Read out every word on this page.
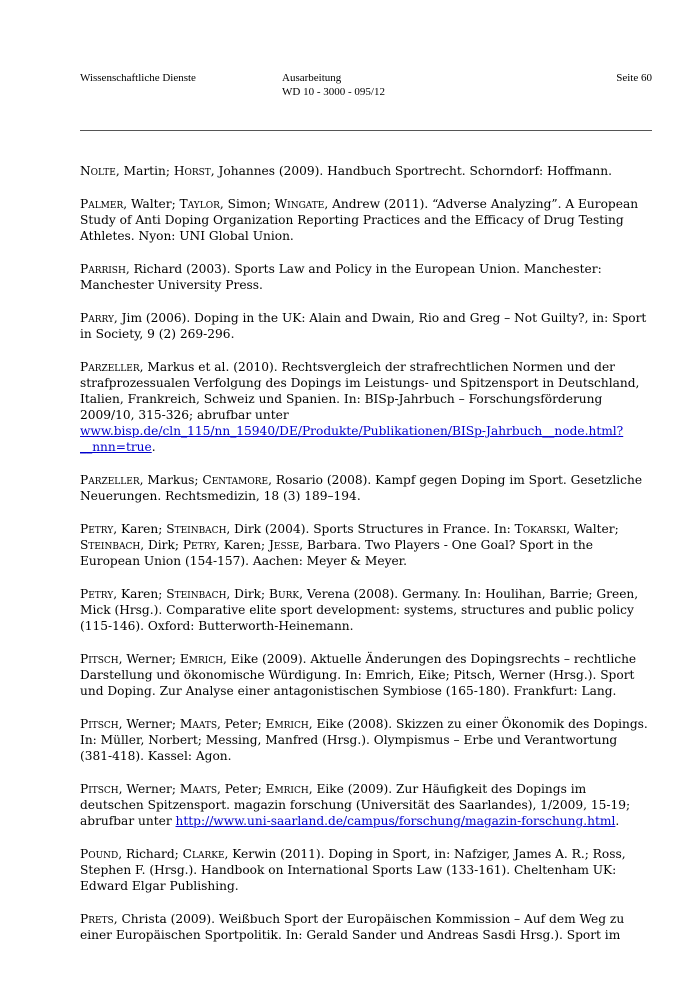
Wissenschaftliche Dienste	Ausarbeitung
WD 10 - 3000 - 095/12
Seite 60

Nolte, Martin; Horst, Johannes (2009). Handbuch Sportrecht. Schorndorf: Hoffmann.

Palmer, Walter; Taylor, Simon; Wingate, Andrew (2011). “Adverse Analyzing”. A European Study of Anti Doping Organization Reporting Practices and the Efficacy of Drug Testing Athletes. Nyon: UNI Global Union.

Parrish, Richard (2003). Sports Law and Policy in the European Union. Manchester: Manchester University Press.

Parry, Jim (2006). Doping in the UK: Alain and Dwain, Rio and Greg – Not Guilty?, in: Sport in Society, 9 (2) 269-296.

Parzeller, Markus et al. (2010). Rechtsvergleich der strafrechtlichen Normen und der strafprozessualen Verfolgung des Dopings im Leistungs- und Spitzensport in Deutschland, Italien, Frankreich, Schweiz und Spanien. In: BISp-Jahrbuch – Forschungsförderung 2009/10, 315-326; abrufbar unter www.bisp.de/cln_115/nn_15940/DE/Produkte/Publikationen/BISp-Jahrbuch__node.html?__nnn=true.

Parzeller, Markus; Centamore, Rosario (2008). Kampf gegen Doping im Sport. Gesetzliche Neuerungen. Rechtsmedizin, 18 (3) 189–194.

Petry, Karen; Steinbach, Dirk (2004). Sports Structures in France. In: Tokarski, Walter; Steinbach, Dirk; Petry, Karen; Jesse, Barbara. Two Players - One Goal? Sport in the European Union (154-157). Aachen: Meyer & Meyer.

Petry, Karen; Steinbach, Dirk; Burk, Verena (2008). Germany. In: Houlihan, Barrie; Green, Mick (Hrsg.). Comparative elite sport development: systems, structures and public policy (115-146). Oxford: Butterworth-Heinemann.

Pitsch, Werner; Emrich, Eike (2009). Aktuelle Änderungen des Dopingsrechts – rechtliche Darstellung und ökonomische Würdigung. In: Emrich, Eike; Pitsch, Werner (Hrsg.). Sport und Doping. Zur Analyse einer antagonistischen Symbiose (165-180). Frankfurt: Lang.

Pitsch, Werner; Maats, Peter; Emrich, Eike (2008). Skizzen zu einer Ökonomik des Dopings. In: Müller, Norbert; Messing, Manfred (Hrsg.). Olympismus – Erbe und Verantwortung (381-418). Kassel: Agon.

Pitsch, Werner; Maats, Peter; Emrich, Eike (2009). Zur Häufigkeit des Dopings im deutschen Spitzensport. magazin forschung (Universität des Saarlandes), 1/2009, 15-19; abrufbar unter http://www.uni-saarland.de/campus/forschung/magazin-forschung.html.

Pound, Richard; Clarke, Kerwin (2011). Doping in Sport, in: Nafziger, James A. R.; Ross, Stephen F. (Hrsg.). Handbook on International Sports Law (133-161). Cheltenham UK: Edward Elgar Publishing.

Prets, Christa (2009). Weißbuch Sport der Europäischen Kommission – Auf dem Weg zu einer Europäischen Sportpolitik. In: Gerald Sander und Andreas Sasdi Hrsg.). Sport im
